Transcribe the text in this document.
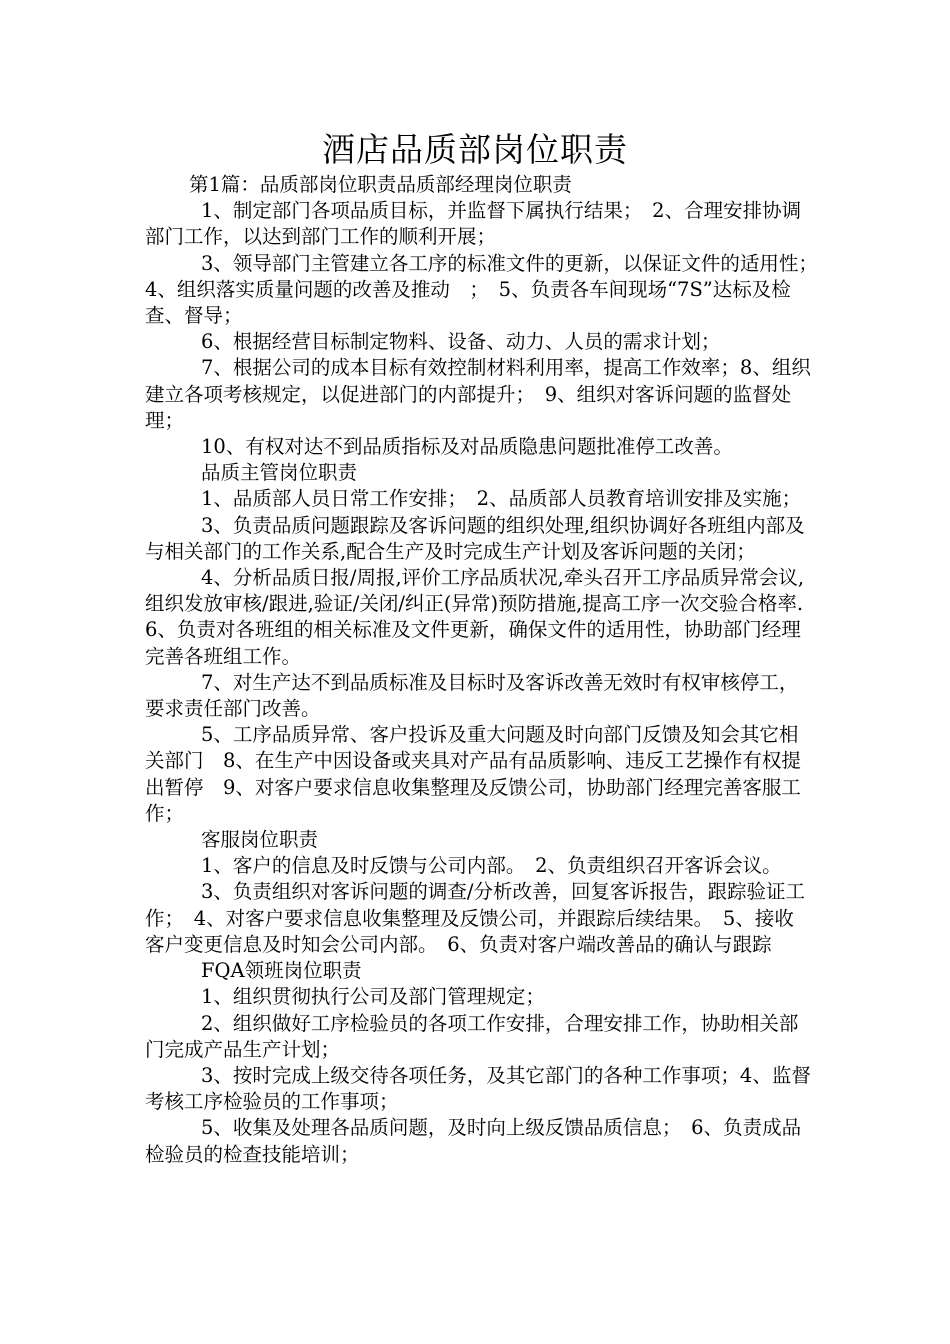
酒店品质部岗位职责

第1篇：品质部岗位职责品质部经理岗位职责

1、制定部门各项品质目标，并监督下属执行结果；　2、合理安排协调部门工作，以达到部门工作的顺利开展；

3、领导部门主管建立各工序的标准文件的更新，以保证文件的适用性；　4、组织落实质量问题的改善及推动　；　5、负责各车间现场“7S”达标及检查、督导；

6、根据经营目标制定物料、设备、动力、人员的需求计划；

7、根据公司的成本目标有效控制材料利用率，提高工作效率；8、组织建立各项考核规定，以促进部门的内部提升；　9、组织对客诉问题的监督处理；

10、有权对达不到品质指标及对品质隐患问题批准停工改善。

品质主管岗位职责

1、品质部人员日常工作安排；　2、品质部人员教育培训安排及实施；

3、负责品质问题跟踪及客诉问题的组织处理,组织协调好各班组内部及与相关部门的工作关系,配合生产及时完成生产计划及客诉问题的关闭；

4、分析品质日报/周报,评价工序品质状况,牵头召开工序品质异常会议,组织发放审核/跟进,验证/关闭/纠正(异常)预防措施,提高工序一次交验合格率.6、负责对各班组的相关标准及文件更新，确保文件的适用性，协助部门经理完善各班组工作。

7、对生产达不到品质标准及目标时及客诉改善无效时有权审核停工，要求责任部门改善。

5、工序品质异常、客户投诉及重大问题及时向部门反馈及知会其它相关部门　8、在生产中因设备或夹具对产品有品质影响、违反工艺操作有权提出暂停　9、对客户要求信息收集整理及反馈公司，协助部门经理完善客服工作；

客服岗位职责

1、客户的信息及时反馈与公司内部。　2、负责组织召开客诉会议。

3、负责组织对客诉问题的调查/分析改善，回复客诉报告，跟踪验证工作；　4、对客户要求信息收集整理及反馈公司，并跟踪后续结果。　5、接收客户变更信息及时知会公司内部。　6、负责对客户端改善品的确认与跟踪

FQA领班岗位职责

1、组织贯彻执行公司及部门管理规定；

2、组织做好工序检验员的各项工作安排，合理安排工作，协助相关部门完成产品生产计划；

3、按时完成上级交待各项任务，及其它部门的各种工作事项；4、监督考核工序检验员的工作事项；

5、收集及处理各品质问题，及时向上级反馈品质信息；　6、负责成品检验员的检查技能培训；
